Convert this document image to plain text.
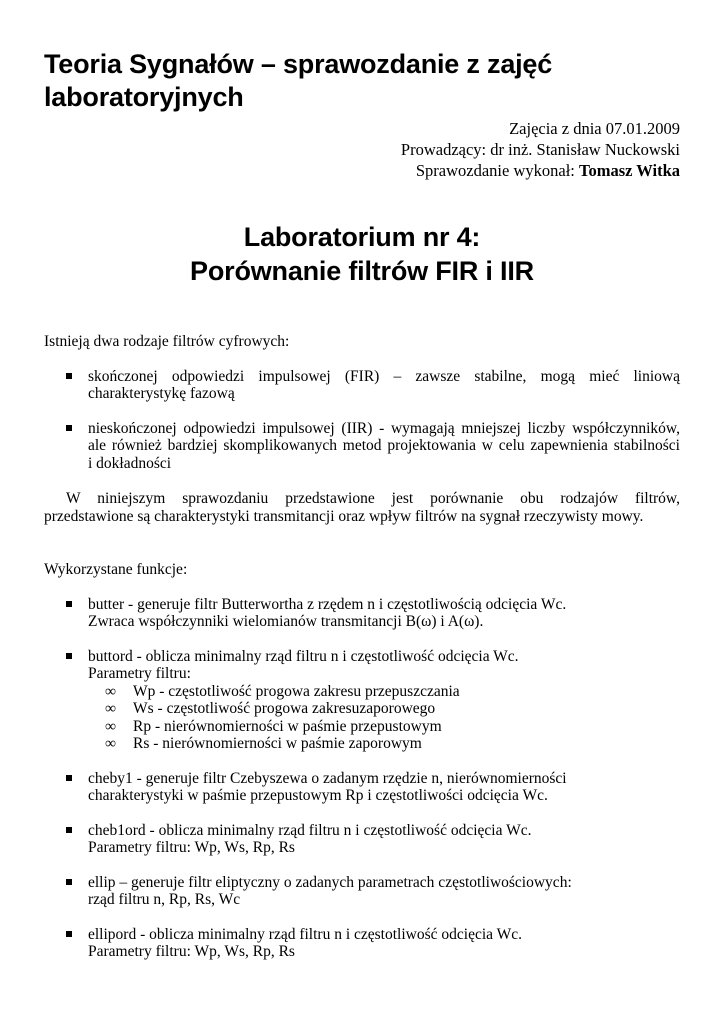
Teoria Sygnałów – sprawozdanie z zajęć
laboratoryjnych
Zajęcia z dnia 07.01.2009
Prowadzący: dr inż. Stanisław Nuckowski
Sprawozdanie wykonał: Tomasz Witka
Laboratorium nr 4:
Porównanie filtrów FIR i IIR

Istnieją dwa rodzaje filtrów cyfrowych:

skończonej odpowiedzi impulsowej (FIR) – zawsze stabilne, mogą mieć liniową
charakterystykę fazową
nieskończonej odpowiedzi impulsowej (IIR) - wymagają mniejszej liczby współczynników,
ale również bardziej skomplikowanych metod projektowania w celu zapewnienia stabilności
i dokładności

W niniejszym sprawozdaniu przedstawione jest porównanie obu rodzajów filtrów,

przedstawione są charakterystyki transmitancji oraz wpływ filtrów na sygnał rzeczywisty mowy.

Wykorzystane funkcje:

butter - generuje filtr Butterwortha z rzędem n i częstotliwością odcięcia Wc.
Zwraca współczynniki wielomianów transmitancji B(ω) i A(ω).
buttord - oblicza minimalny rząd filtru n i częstotliwość odcięcia Wc.
Parametry filtru:
∞ Wp - częstotliwość progowa zakresu przepuszczania
∞ Ws - częstotliwość progowa zakresuzaporowego
∞ Rp - nierównomierności w paśmie przepustowym
∞ Rs - nierównomierności w paśmie zaporowym
cheby1 - generuje filtr Czebyszewa o zadanym rzędzie n, nierównomierności
charakterystyki w paśmie przepustowym Rp i częstotliwości odcięcia Wc.
cheb1ord - oblicza minimalny rząd filtru n i częstotliwość odcięcia Wc.
Parametry filtru: Wp, Ws, Rp, Rs
ellip – generuje filtr eliptyczny o zadanych parametrach częstotliwościowych:
rząd filtru n, Rp, Rs, Wc
ellipord - oblicza minimalny rząd filtru n i częstotliwość odcięcia Wc.
Parametry filtru: Wp, Ws, Rp, Rs
